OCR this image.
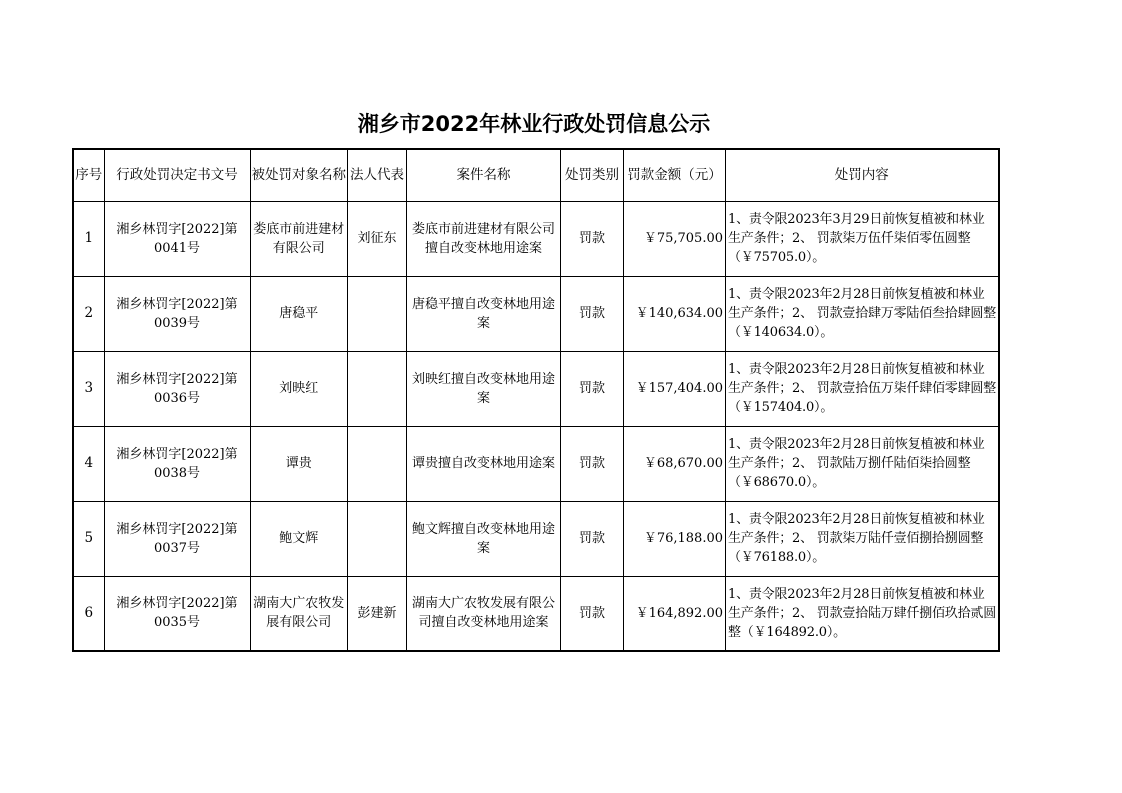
湘乡市2022年林业行政处罚信息公示
序号	行政处罚决定书文号	被处罚对象名称	法人代表	案件名称	处罚类别	罚款金额（元）	处罚内容
1	湘乡林罚字[2022]第0041号	娄底市前进建材有限公司	刘征东	娄底市前进建材有限公司擅自改变林地用途案	罚款	￥75,705.00	1、责令限2023年3月29日前恢复植被和林业生产条件；2、 罚款柒万伍仟柒佰零伍圆整（￥75705.0）。
2	湘乡林罚字[2022]第0039号	唐稳平		唐稳平擅自改变林地用途案	罚款	￥140,634.00	1、责令限2023年2月28日前恢复植被和林业生产条件；2、 罚款壹拾肆万零陆佰叁拾肆圆整（￥140634.0）。
3	湘乡林罚字[2022]第0036号	刘映红		刘映红擅自改变林地用途案	罚款	￥157,404.00	1、责令限2023年2月28日前恢复植被和林业生产条件；2、 罚款壹拾伍万柒仟肆佰零肆圆整（￥157404.0）。
4	湘乡林罚字[2022]第0038号	谭贵		谭贵擅自改变林地用途案	罚款	￥68,670.00	1、责令限2023年2月28日前恢复植被和林业生产条件；2、 罚款陆万捌仟陆佰柒拾圆整（￥68670.0）。
5	湘乡林罚字[2022]第0037号	鲍文辉		鲍文辉擅自改变林地用途案	罚款	￥76,188.00	1、责令限2023年2月28日前恢复植被和林业生产条件；2、 罚款柒万陆仟壹佰捌拾捌圆整（￥76188.0）。
6	湘乡林罚字[2022]第0035号	湖南大广农牧发展有限公司	彭建新	湖南大广农牧发展有限公司擅自改变林地用途案	罚款	￥164,892.00	1、责令限2023年2月28日前恢复植被和林业生产条件；2、 罚款壹拾陆万肆仟捌佰玖拾贰圆整（￥164892.0）。
